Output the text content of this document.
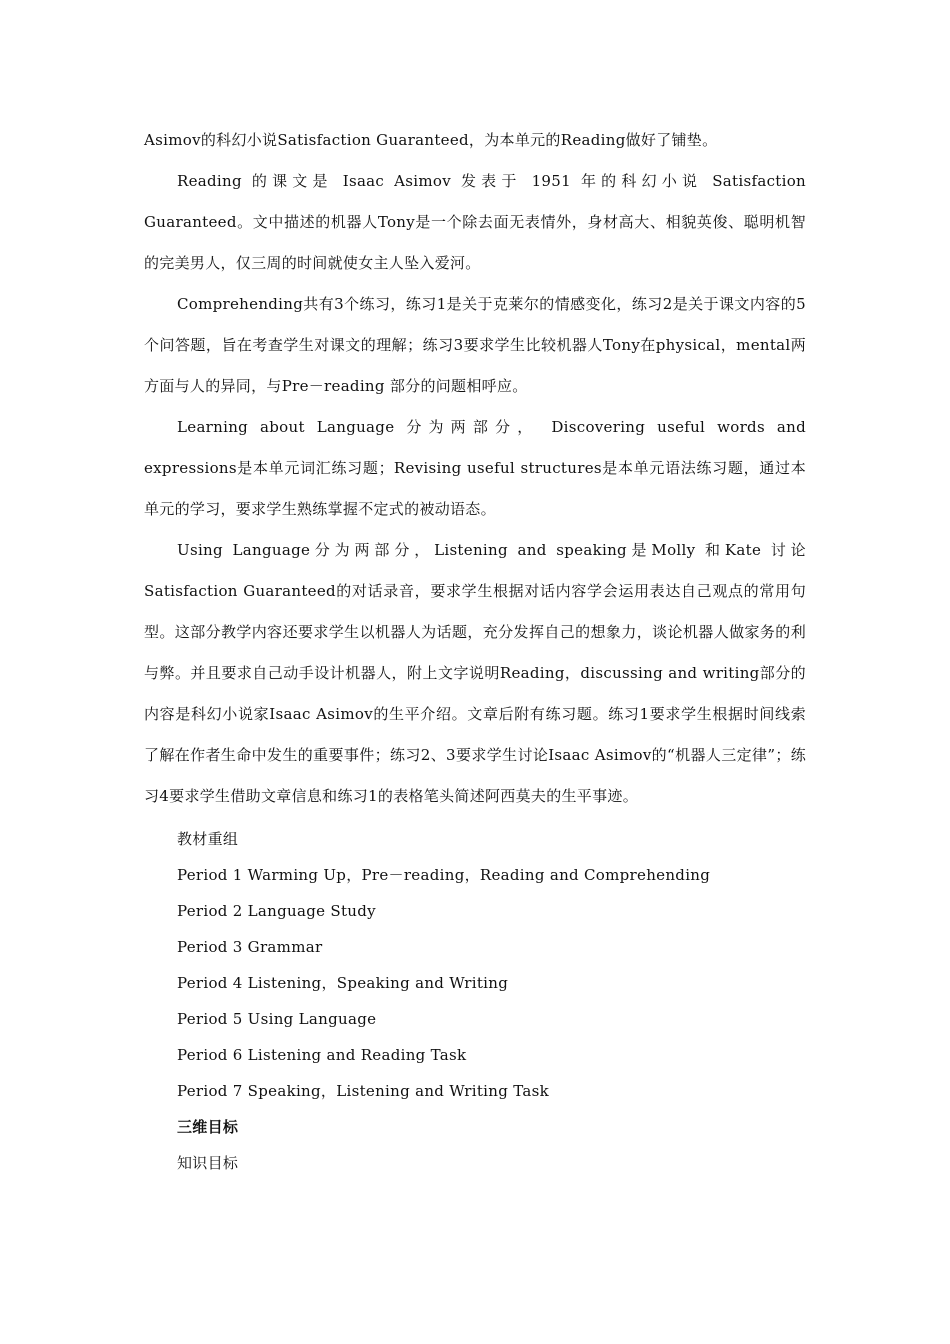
Asimov的科幻小说Satisfaction Guaranteed，为本单元的Reading做好了铺垫。

Reading 的课文是 Isaac Asimov 发表于 1951 年的科幻小说 Satisfaction Guaranteed。文中描述的机器人Tony是一个除去面无表情外，身材高大、相貌英俊、聪明机智的完美男人，仅三周的时间就使女主人坠入爱河。

Comprehending共有3个练习，练习1是关于克莱尔的情感变化，练习2是关于课文内容的5个问答题，旨在考查学生对课文的理解；练习3要求学生比较机器人Tony在physical，mental两方面与人的异同，与Pre－reading 部分的问题相呼应。

Learning about Language 分为两部分， Discovering useful words and expressions是本单元词汇练习题；Revising useful structures是本单元语法练习题，通过本单元的学习，要求学生熟练掌握不定式的被动语态。

Using Language分为两部分，Listening and speaking是Molly 和Kate 讨论Satisfaction Guaranteed的对话录音，要求学生根据对话内容学会运用表达自己观点的常用句型。这部分教学内容还要求学生以机器人为话题，充分发挥自己的想象力，谈论机器人做家务的利与弊。并且要求自己动手设计机器人，附上文字说明Reading，discussing and writing部分的内容是科幻小说家Isaac Asimov的生平介绍。文章后附有练习题。练习1要求学生根据时间线索了解在作者生命中发生的重要事件；练习2、3要求学生讨论Isaac Asimov的“机器人三定律”；练习4要求学生借助文章信息和练习1的表格笔头简述阿西莫夫的生平事迹。

教材重组
Period 1 Warming Up，Pre－reading，Reading and Comprehending
Period 2 Language Study
Period 3 Grammar
Period 4 Listening，Speaking and Writing
Period 5 Using Language
Period 6 Listening and Reading Task
Period 7 Speaking，Listening and Writing Task
三维目标
知识目标
